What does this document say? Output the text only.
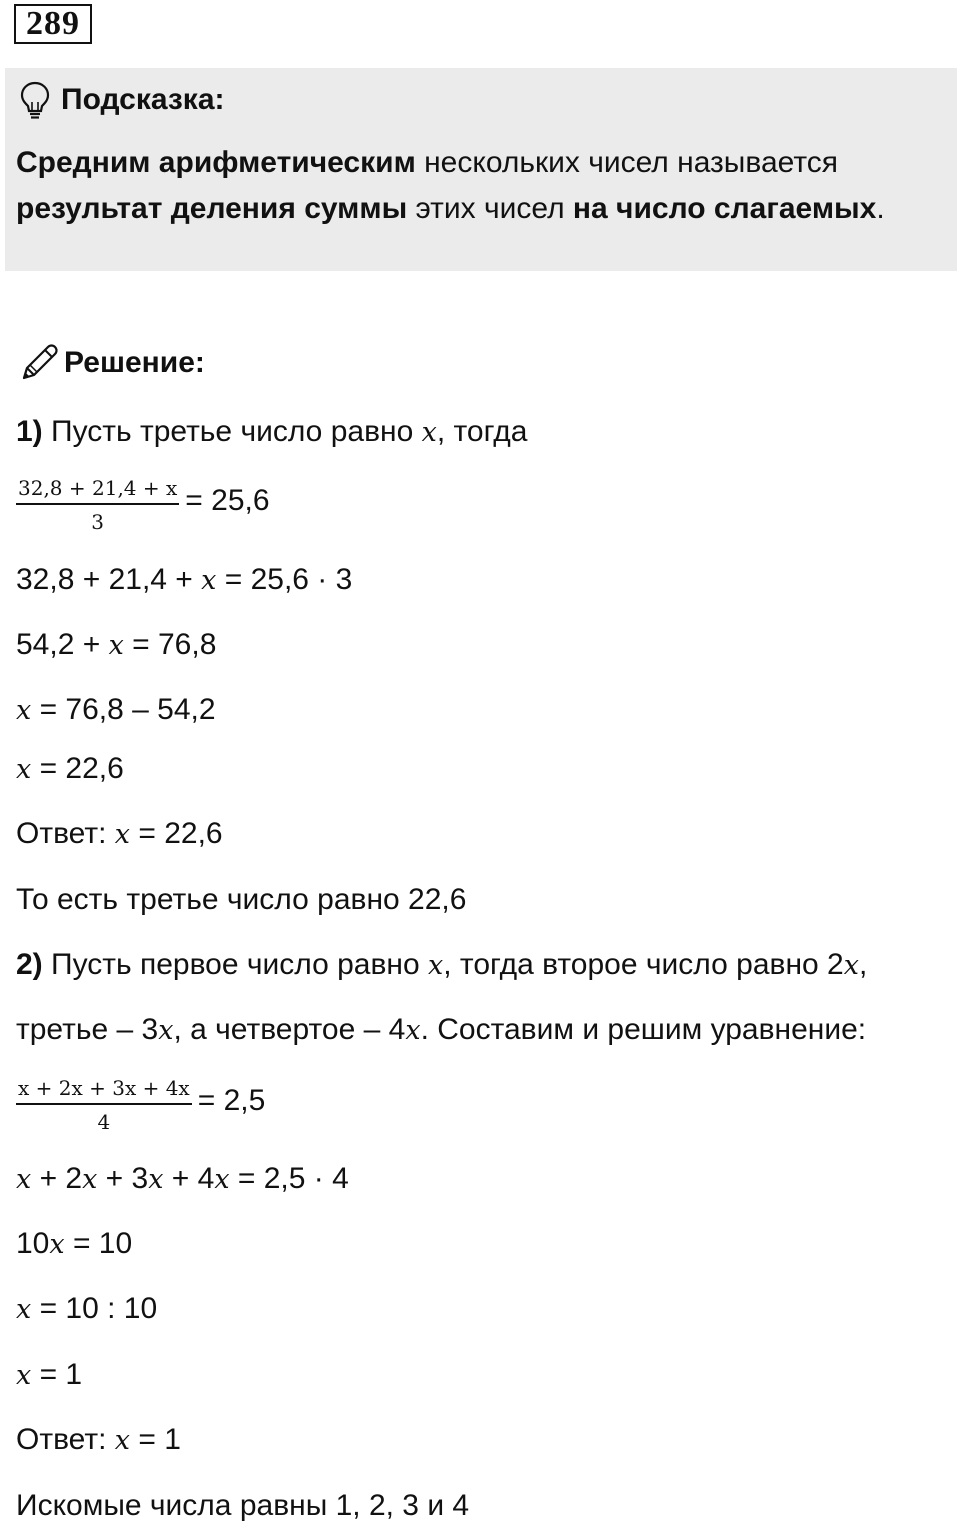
289
Подсказка:
Средним арифметическим нескольких чисел называется
результат деления суммы этих чисел на число слагаемых.
Решение:
1) Пусть третье число равно x, тогда
$\frac{32,8 + 21,4 + x}{3} = 25,6$
32,8 + 21,4 + x = 25,6 · 3
54,2 + x = 76,8
x = 76,8 – 54,2
x = 22,6
Ответ: x = 22,6
То есть третье число равно 22,6
2) Пусть первое число равно x, тогда второе число равно 2x,
третье – 3x, а четвертое – 4x. Составим и решим уравнение:
$\frac{x + 2x + 3x + 4x}{4} = 2,5$
x + 2x + 3x + 4x = 2,5 · 4
10x = 10
x = 10 : 10
x = 1
Ответ: x = 1
Искомые числа равны 1, 2, 3 и 4
